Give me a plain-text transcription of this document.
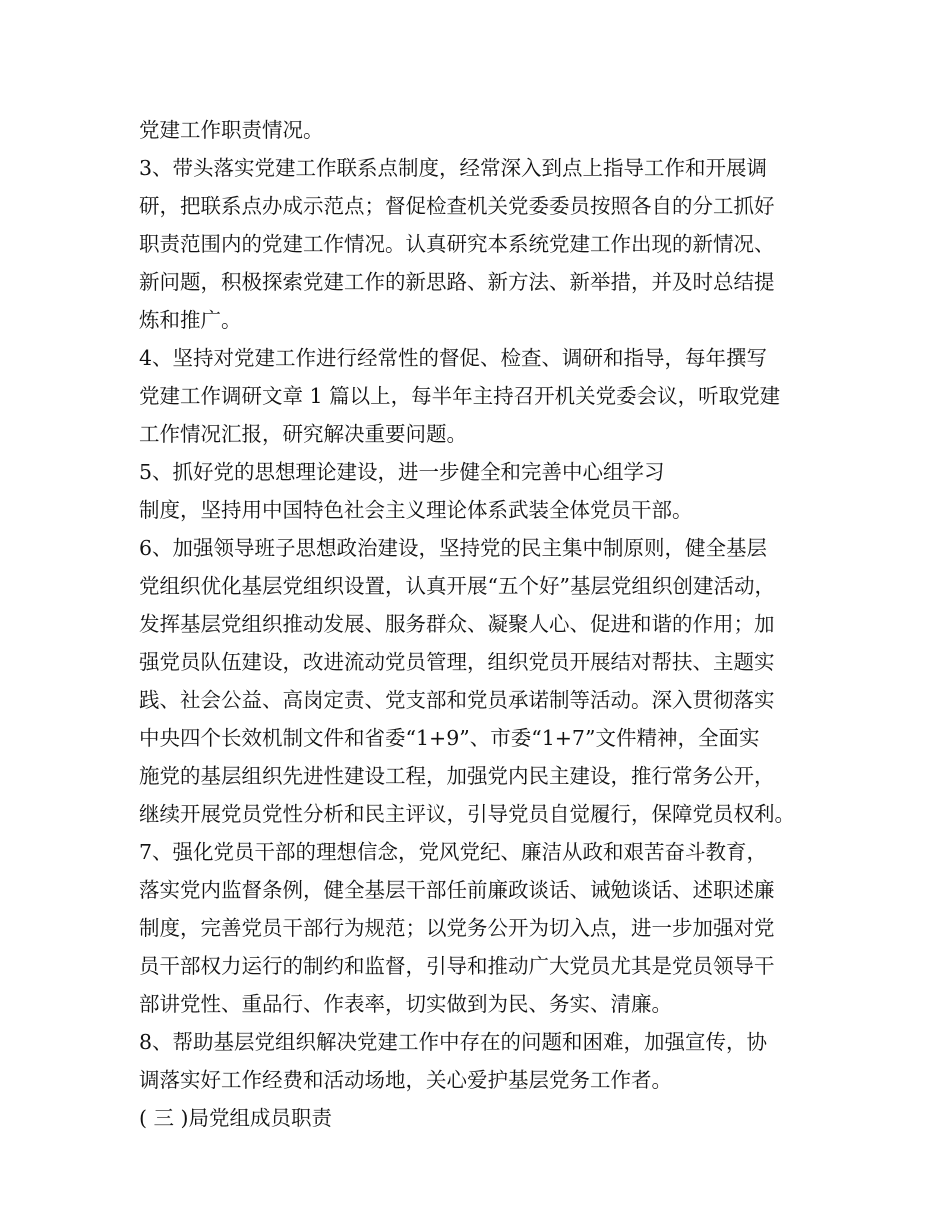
党建工作职责情况。
3、带头落实党建工作联系点制度，经常深入到点上指导工作和开展调
研，把联系点办成示范点；督促检查机关党委委员按照各自的分工抓好
职责范围内的党建工作情况。认真研究本系统党建工作出现的新情况、
新问题，积极探索党建工作的新思路、新方法、新举措，并及时总结提
炼和推广。
4、坚持对党建工作进行经常性的督促、检查、调研和指导，每年撰写
党建工作调研文章 1 篇以上，每半年主持召开机关党委会议，听取党建
工作情况汇报，研究解决重要问题。
5、抓好党的思想理论建设，进一步健全和完善中心组学习
制度，坚持用中国特色社会主义理论体系武装全体党员干部。
6、加强领导班子思想政治建设，坚持党的民主集中制原则，健全基层
党组织优化基层党组织设置，认真开展“五个好”基层党组织创建活动，
发挥基层党组织推动发展、服务群众、凝聚人心、促进和谐的作用；加
强党员队伍建设，改进流动党员管理，组织党员开展结对帮扶、主题实
践、社会公益、高岗定责、党支部和党员承诺制等活动。深入贯彻落实
中央四个长效机制文件和省委“1+9”、市委“1+7”文件精神，全面实
施党的基层组织先进性建设工程，加强党内民主建设，推行常务公开，
继续开展党员党性分析和民主评议，引导党员自觉履行，保障党员权利。
7、强化党员干部的理想信念，党风党纪、廉洁从政和艰苦奋斗教育，
落实党内监督条例，健全基层干部任前廉政谈话、诫勉谈话、述职述廉
制度，完善党员干部行为规范；以党务公开为切入点，进一步加强对党
员干部权力运行的制约和监督，引导和推动广大党员尤其是党员领导干
部讲党性、重品行、作表率，切实做到为民、务实、清廉。
8、帮助基层党组织解决党建工作中存在的问题和困难，加强宣传，协
调落实好工作经费和活动场地，关心爱护基层党务工作者。
( 三 )局党组成员职责
